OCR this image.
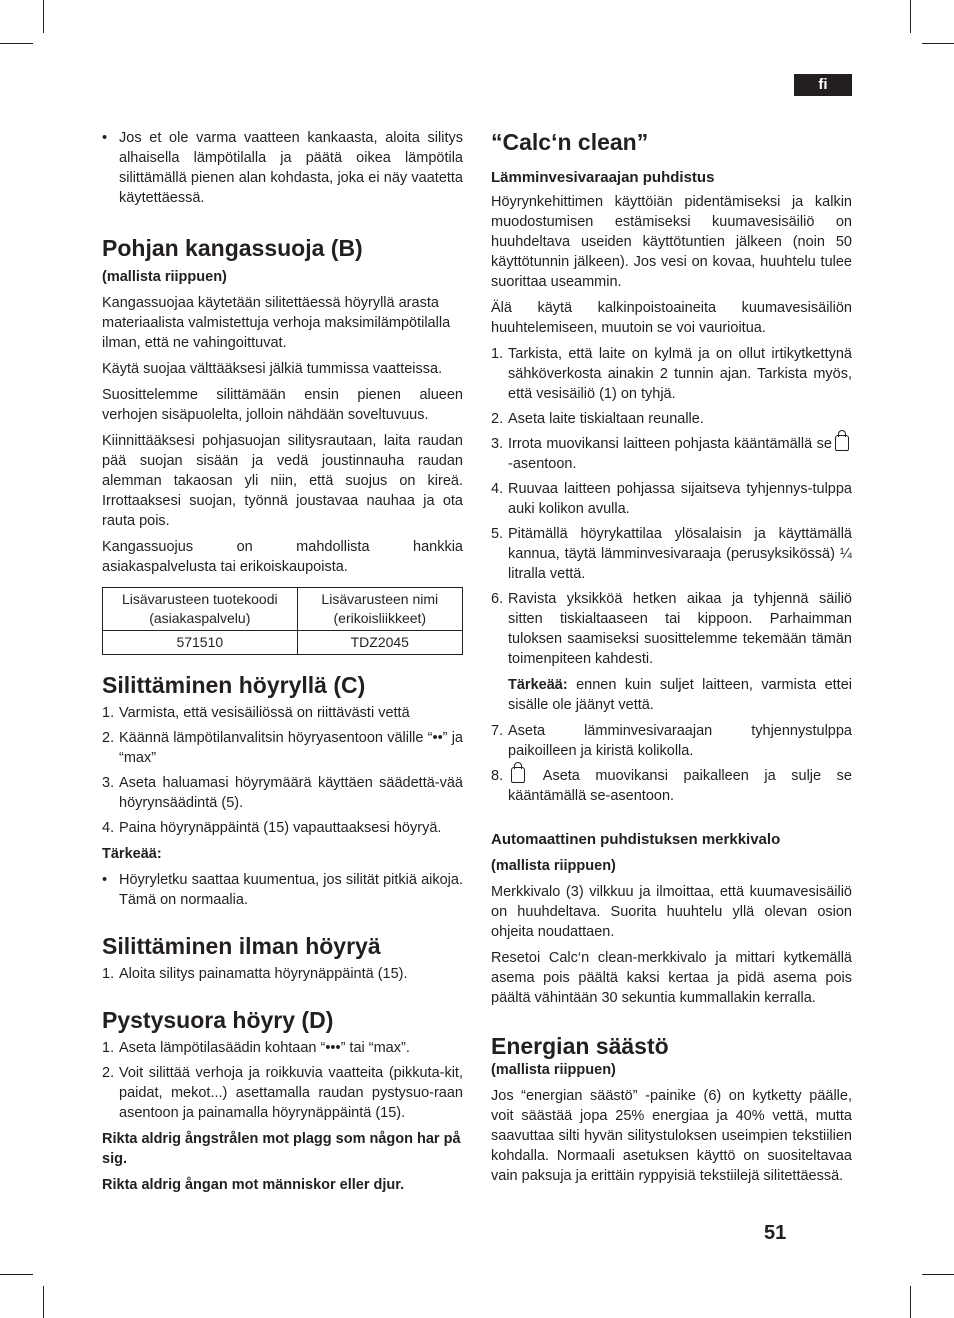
fi
• Jos et ole varma vaatteen kankaasta, aloita silitys alhaisella lämpötilalla ja päätä oikea lämpötila silittämällä pienen alan kohdasta, joka ei näy vaatetta käytettäessä.
Pohjan kangassuoja (B)

(mallista riippuen)

Kangassuojaa käytetään silitettäessä höyryllä arasta materiaalista valmistettuja verhoja maksimilämpötilalla ilman, että ne vahingoittuvat.

Käytä suojaa välttääksesi jälkiä tummissa vaatteissa.

Suosittelemme silittämään ensin pienen alueen verhojen sisäpuolelta, jolloin nähdään soveltuvuus.

Kiinnittääksesi pohjasuojan silitysrautaan, laita raudan pää suojan sisään ja vedä joustinnauha raudan alemman takaosan yli niin, että suojus on kireä. Irrottaaksesi suojan, työnnä joustavaa nauhaa ja ota rauta pois.

Kangassuojus on mahdollista hankkia asiakaspalvelusta tai erikoiskaupoista.

Lisävarusteen tuotekoodi (asiakaspalvelu)	Lisävarusteen nimi (erikoisliikkeet)
571510	TDZ2045
Silittäminen höyryllä (C)
1. Varmista, että vesisäiliössä on riittävästi vettä
2. Käännä lämpötilanvalitsin höyryasentoon välille “••” ja “max”
3. Aseta haluamasi höyrymäärä käyttäen säädettä-vää höyrynsäädintä (5).
4. Paina höyrynäppäintä (15) vapauttaaksesi höyryä.

Tärkeää:

• Höyryletku saattaa kuumentua, jos silität pitkiä aikoja. Tämä on normaalia.
Silittäminen ilman höyryä
1. Aloita silitys painamatta höyrynäppäintä (15).
Pystysuora höyry (D)
1. Aseta lämpötilasäädin kohtaan “•••” tai “max”.
2. Voit silittää verhoja ja roikkuvia vaatteita (pikkuta-kit, paidat, mekot...) asettamalla raudan pystysuo-raan asentoon ja painamalla höyrynäppäintä (15).

Rikta aldrig ångstrålen mot plagg som någon har på sig.

Rikta aldrig ångan mot människor eller djur.

“Calc‘n clean”
Lämminvesivaraajan puhdistus

Höyrynkehittimen käyttöiän pidentämiseksi ja kalkin muodostumisen estämiseksi kuumavesisäiliö on huuhdeltava useiden käyttötuntien jälkeen (noin 50 käyttötunnin jälkeen). Jos vesi on kovaa, huuhtelu tulee suorittaa useammin.

Älä käytä kalkinpoistoaineita kuumavesisäiliön huuhtelemiseen, muutoin se voi vaurioitua.

1. Tarkista, että laite on kylmä ja on ollut irtikytkettynä sähköverkosta ainakin 2 tunnin ajan. Tarkista myös, että vesisäiliö (1) on tyhjä.
2. Aseta laite tiskialtaan reunalle.
3. Irrota muovikansi laitteen pohjasta kääntämällä se-asentoon.
4. Ruuvaa laitteen pohjassa sijaitseva tyhjennys-tulppa auki kolikon avulla.
5. Pitämällä höyrykattilaa ylösalaisin ja käyttämällä kannua, täytä lämminvesivaraaja (perusyksikössä) ¼ litralla vettä.
6. Ravista yksikköä hetken aikaa ja tyhjennä säiliö sitten tiskialtaaseen tai kippoon. Parhaimman tuloksen saamiseksi suosittelemme tekemään tämän toimenpiteen kahdesti.

Tärkeää: ennen kuin suljet laitteen, varmista ettei sisälle ole jäänyt vettä.

7. Aseta lämminvesivaraajan tyhjennystulppa paikoilleen ja kiristä kolikolla.
8.	Aseta muovikansi paikalleen ja sulje se kääntämällä se-asentoon.
Automaattinen puhdistuksen merkkivalo

(mallista riippuen)

Merkkivalo (3) vilkkuu ja ilmoittaa, että kuumavesisäiliö on huuhdeltava. Suorita huuhtelu yllä olevan osion ohjeita noudattaen.

Resetoi Calc‘n clean-merkkivalo ja mittari kytkemällä asema pois päältä kaksi kertaa ja pidä asema pois päältä vähintään 30 sekuntia kummallakin kerralla.

Energian säästö

(mallista riippuen)

Jos “energian säästö” -painike (6) on kytketty päälle, voit säästää jopa 25% energiaa ja 40% vettä, mutta saavuttaa silti hyvän silitystuloksen useimpien tekstiilien kohdalla. Normaali asetuksen käyttö on suositeltavaa vain paksuja ja erittäin ryppyisiä tekstiilejä silitettäessä.

51
